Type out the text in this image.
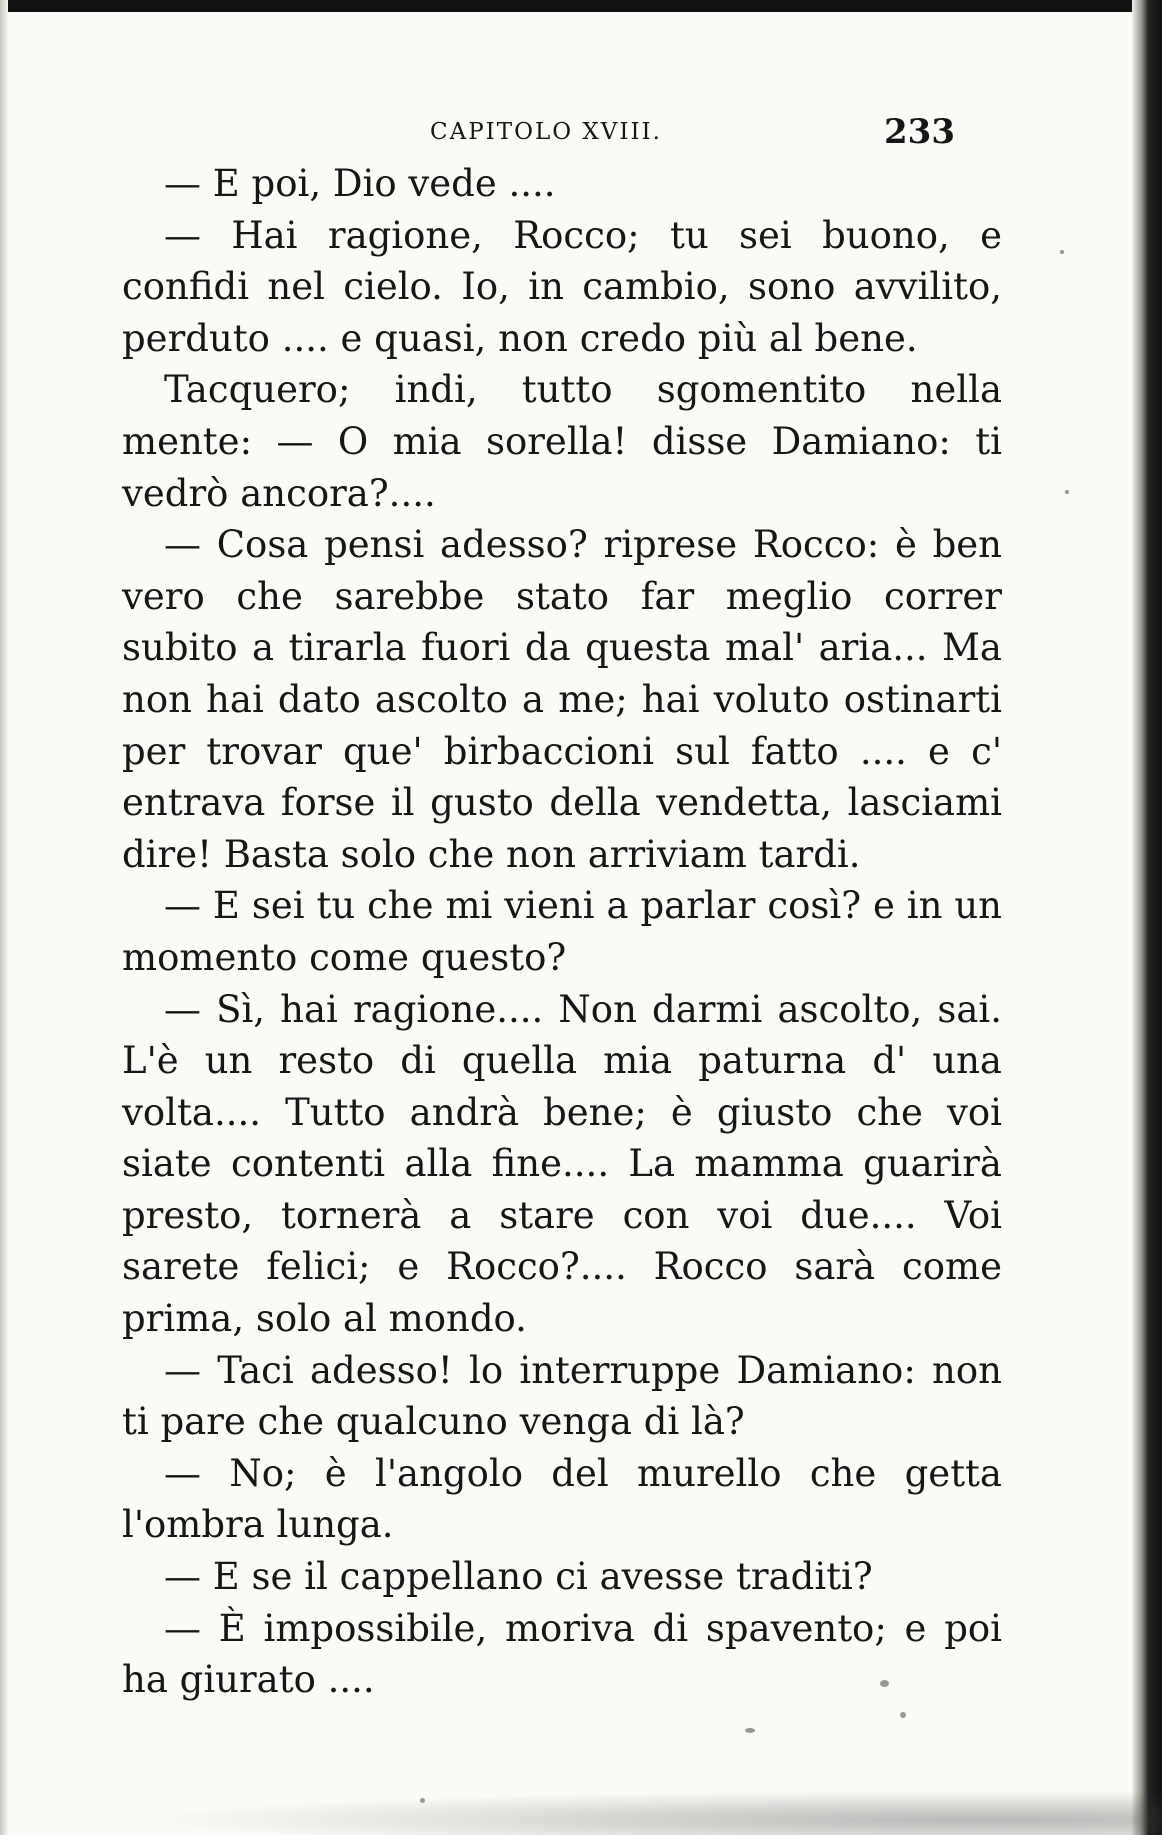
CAPITOLO XVIII.	233

— E poi, Dio vede ....

— Hai ragione, Rocco; tu sei buono, e confidi nel cielo. Io, in cambio, sono avvilito, perduto .... e quasi, non credo più al bene.

Tacquero; indi, tutto sgomentito nella mente: — O mia sorella! disse Damiano: ti vedrò ancora?....

— Cosa pensi adesso? riprese Rocco: è ben vero che sarebbe stato far meglio correr subito a tirarla fuori da questa mal' aria... Ma non hai dato ascolto a me; hai voluto ostinarti per trovar que' birbaccioni sul fatto .... e c' entrava forse il gusto della vendetta, lasciami dire! Basta solo che non arriviam tardi.

— E sei tu che mi vieni a parlar così? e in un momento come questo?

— Sì, hai ragione.... Non darmi ascolto, sai. L'è un resto di quella mia paturna d' una volta.... Tutto andrà bene; è giusto che voi siate contenti alla fine.... La mamma guarirà presto, tornerà a stare con voi due.... Voi sarete felici; e Rocco?.... Rocco sarà come prima, solo al mondo.

— Taci adesso! lo interruppe Damiano: non ti pare che qualcuno venga di là?

— No; è l'angolo del murello che getta l'ombra lunga.

— E se il cappellano ci avesse traditi?

— È impossibile, moriva di spavento; e poi ha giurato ....
